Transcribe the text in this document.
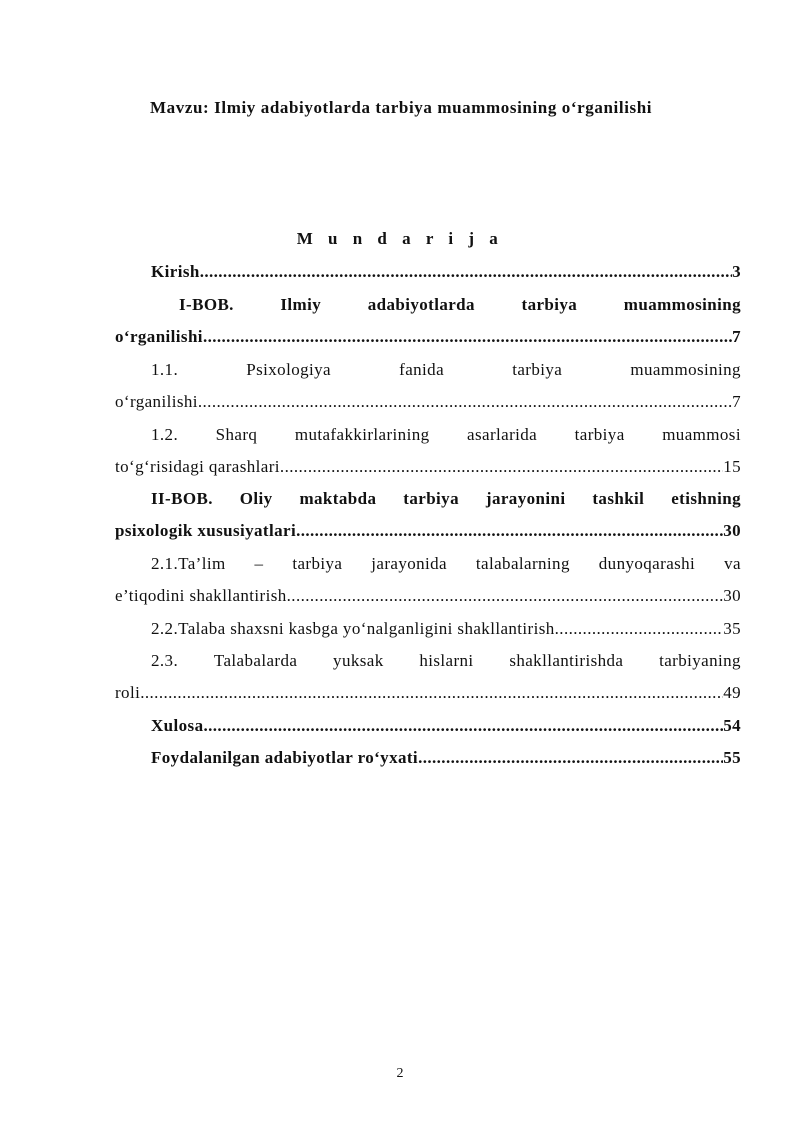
Mavzu: Ilmiy adabiyotlarda tarbiya muammosining o‘rganilishi
M u n d a r i j a
Kirish .....	3
I-BOB.	Ilmiy	adabiyotlarda	tarbiya	muammosining
o‘rganilishi .....	7
1.1.	Psixologiya	fanida	tarbiya	muammosining
o‘rganilishi .....	7
1.2. Sharq mutafakkirlarining asarlarida tarbiya muammosi
to‘g‘risidagi qarashlari .....	15
II-BOB. Oliy maktabda tarbiya jarayonini tashkil etishning
psixologik xususiyatlari .....	30
2.1.Ta’lim – tarbiya jarayonida talabalarning dunyoqarashi va
e’tiqodini shakllantirish .....	30
2.2.Talaba shaxsni kasbga yo‘nalganligini shakllantirish .....	35
2.3. Talabalarda yuksak hislarni shakllantirishda tarbiyaning
roli .....	49
Xulosa .....	54
Foydalanilgan adabiyotlar ro‘yxati .....	55
2
